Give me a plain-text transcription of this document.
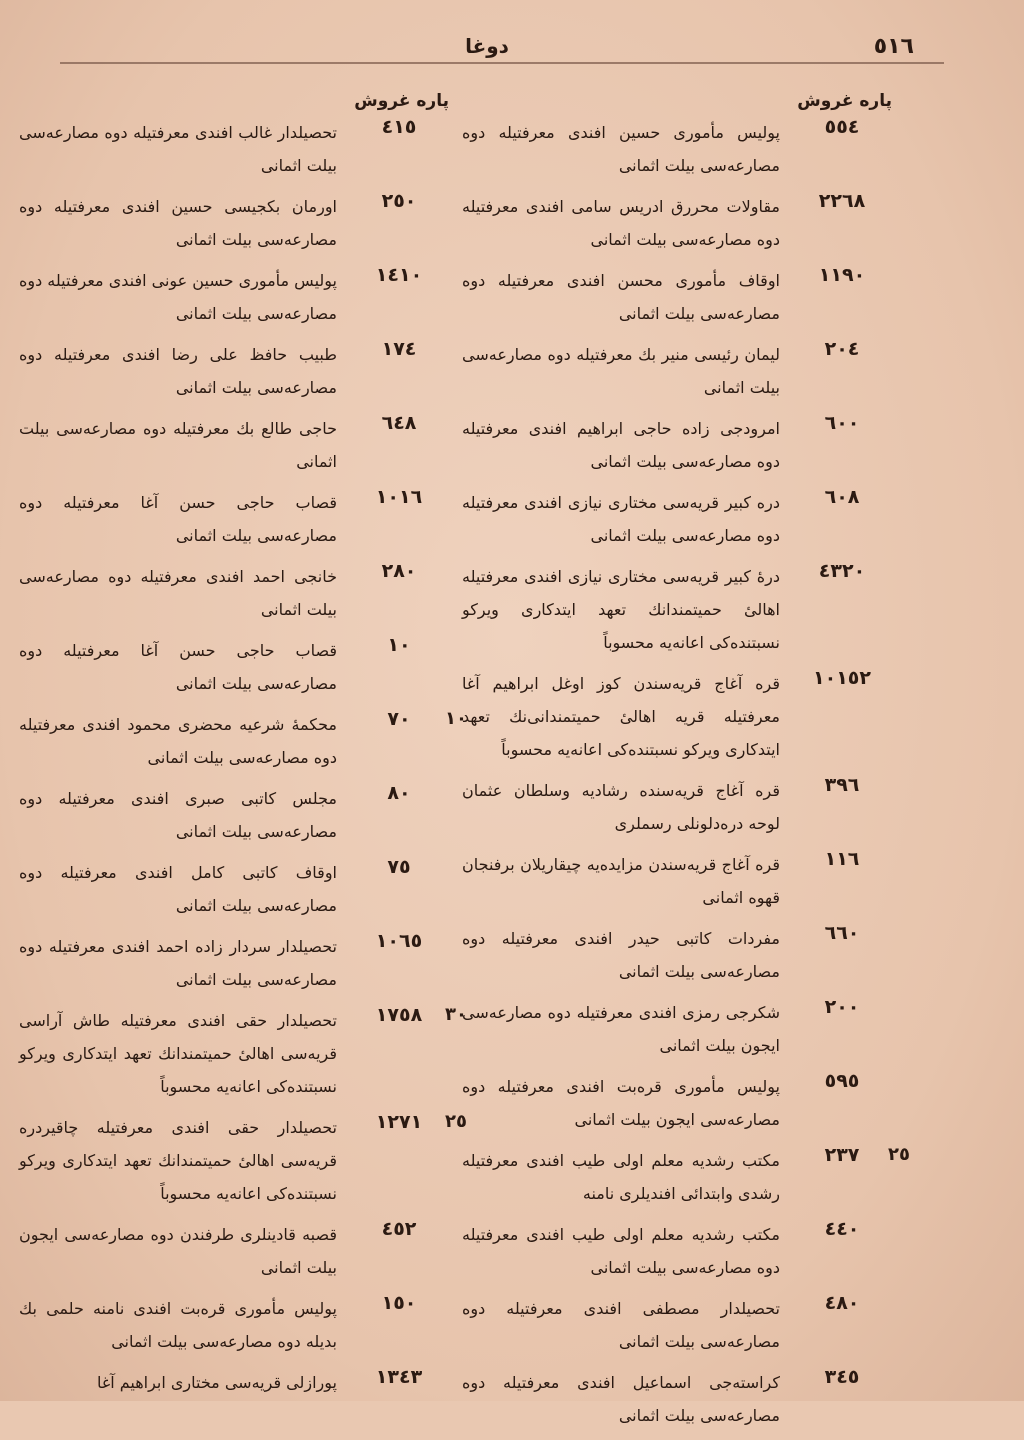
دوغا	٥١٦
پاره غروش
٥٥٤
پولیس مأموری حسین افندی معرفتیله دوه مصارعه‌سی بیلت اثمانی
٢٢٦٨
مقاولات محررق ادریس سامی افندی معرفتیله دوه مصارعه‌سی بیلت اثمانی
١١٩٠
اوقاف مأموری محسن افندی معرفتیله دوه مصارعه‌سی بیلت اثمانی
٢٠٤
لیمان رئیسی منیر بك معرفتیله دوه مصارعه‌سی بیلت اثمانی
٦٠٠
امرودجی زاده حاجی ابراهیم افندی معرفتیله دوه مصارعه‌سی بیلت اثمانی
٦٠٨
دره کبیر قریه‌سی مختاری نیازی افندی معرفتیله دوه مصارعه‌سی بیلت اثمانی
٤٣٢٠
درهٔ کبیر قریه‌سی مختاری نیازی افندی معرفتیله اهالیٔ حمیتمندانك تعهد ایتدکاری ویرکو نسبتنده‌کی اعانه‌یه محسوباً
١٠١٥٢
قره آغاج قریه‌سندن کوز اوغل ابراهیم آغا معرفتیله قریه اهالیٔ حمیتمندانی‌نك تعهد ایتدکاری ویرکو نسبتنده‌کی اعانه‌یه محسوباً
٣٩٦
قره آغاج قریه‌سنده رشادیه وسلطان عثمان لوحه دره‌دلونلی رسملری
١١٦
قره آغاج قریه‌سندن مزایده‌یه چیقاریلان برفنجان قهوه اثمانی
٦٦٠
مفردات کاتبی حیدر افندی معرفتیله دوه مصارعه‌سی بیلت اثمانی
٢٠٠
شکرجی رمزی افندی معرفتیله دوه مصارعه‌سی ایجون بیلت اثمانی
٥٩٥
پولیس مأموری قره‌بت افندی معرفتیله دوه مصارعه‌سی ایجون بیلت اثمانی
٢٥
٢٣٧
مکتب رشدیه معلم اولی طیب افندی معرفتیله رشدی وابتدائی افندیلری نامنه
٤٤٠
مکتب رشدیه معلم اولی طیب افندی معرفتیله دوه مصارعه‌سی بیلت اثمانی
٤٨٠
تحصیلدار مصطفی افندی معرفتیله دوه مصارعه‌سی بیلت اثمانی
٣٤٥
کراسته‌جی اسماعیل افندی معرفتیله دوه مصارعه‌سی بیلت اثمانی
پاره غروش
٤١٥
تحصیلدار غالب افندی معرفتیله دوه مصارعه‌سی بیلت اثمانی
٢٥٠
اورمان بکجیسی حسین افندی معرفتیله دوه مصارعه‌سی بیلت اثمانی
١٤١٠
پولیس مأموری حسین عونی افندی معرفتیله دوه مصارعه‌سی بیلت اثمانی
١٧٤
طبیب حافظ علی رضا افندی معرفتیله دوه مصارعه‌سی بیلت اثمانی
٦٤٨
حاجی طالع بك معرفتیله دوه مصارعه‌سی بیلت اثمانی
١٠١٦
قصاب حاجی حسن آغا معرفتیله دوه مصارعه‌سی بیلت اثمانی
٢٨٠
خانجی احمد افندی معرفتیله دوه مصارعه‌سی بیلت اثمانی
١٠
قصاب حاجی حسن آغا معرفتیله دوه مصارعه‌سی بیلت اثمانی
١٠
٧٠
محکمهٔ شرعیه محضری محمود افندی معرفتیله دوه مصارعه‌سی بیلت اثمانی
٨٠
مجلس کاتبی صبری افندی معرفتیله دوه مصارعه‌سی بیلت اثمانی
٧٥
اوقاف کاتبی کامل افندی معرفتیله دوه مصارعه‌سی بیلت اثمانی
١٠٦٥
تحصیلدار سردار زاده احمد افندی معرفتیله دوه مصارعه‌سی بیلت اثمانی
٣٠
١٧٥٨
تحصیلدار حقی افندی معرفتیله طاش آراسی قریه‌سی اهالیٔ حمیتمندانك تعهد ایتدکاری ویرکو نسبتنده‌کی اعانه‌یه محسوباً
٢٥
١٢٧١
تحصیلدار حقی افندی معرفتیله چاقیردره قریه‌سی اهالیٔ حمیتمندانك تعهد ایتدکاری ویرکو نسبتنده‌کی اعانه‌یه محسوباً
٤٥٢
قصبه قادینلری طرفندن دوه مصارعه‌سی ایجون بیلت اثمانی
١٥٠
پولیس مأموری قره‌بت افندی نامنه حلمی بك بدیله دوه مصارعه‌سی بیلت اثمانی
١٣٤٣
پورازلی قریه‌سی مختاری ابراهیم آغا
